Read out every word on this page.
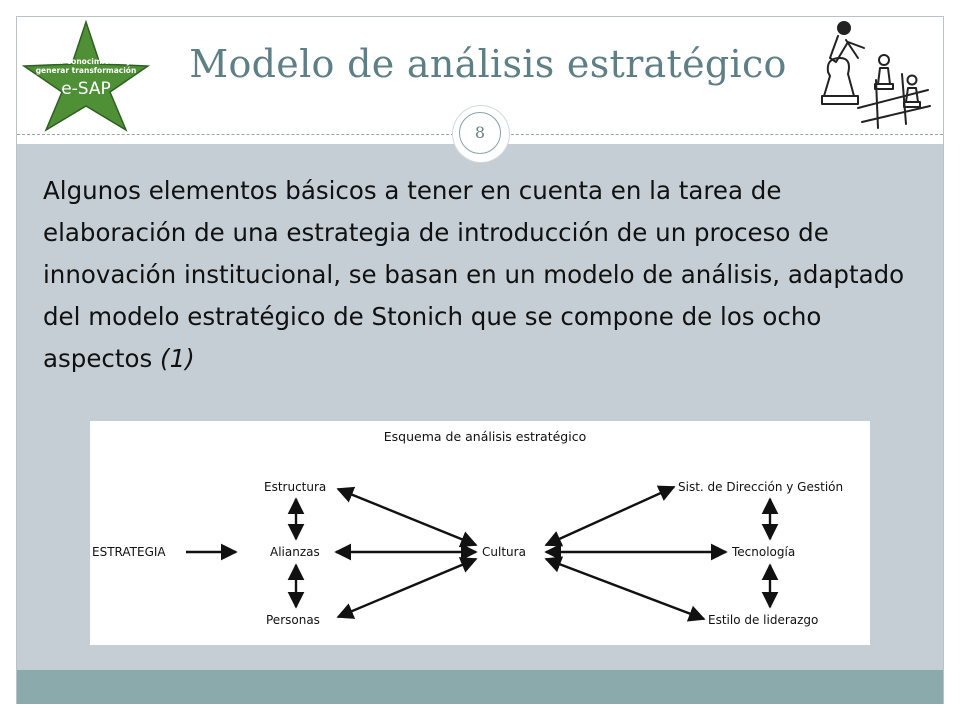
Crear conocimiento y
generar transformación
e-SAP
Modelo de análisis estratégico
8
Algunos elementos básicos a tener en cuenta en la tarea de elaboración de una estrategia de introducción de un proceso de innovación institucional, se basan en un modelo de análisis, adaptado del modelo estratégico de Stonich que se compone de los ocho aspectos (1)
Esquema de análisis estratégico
Estructura
Alianzas
Personas
ESTRATEGIA	Cultura
Sist. de Dirección y Gestión
Tecnología
Estilo de liderazgo
